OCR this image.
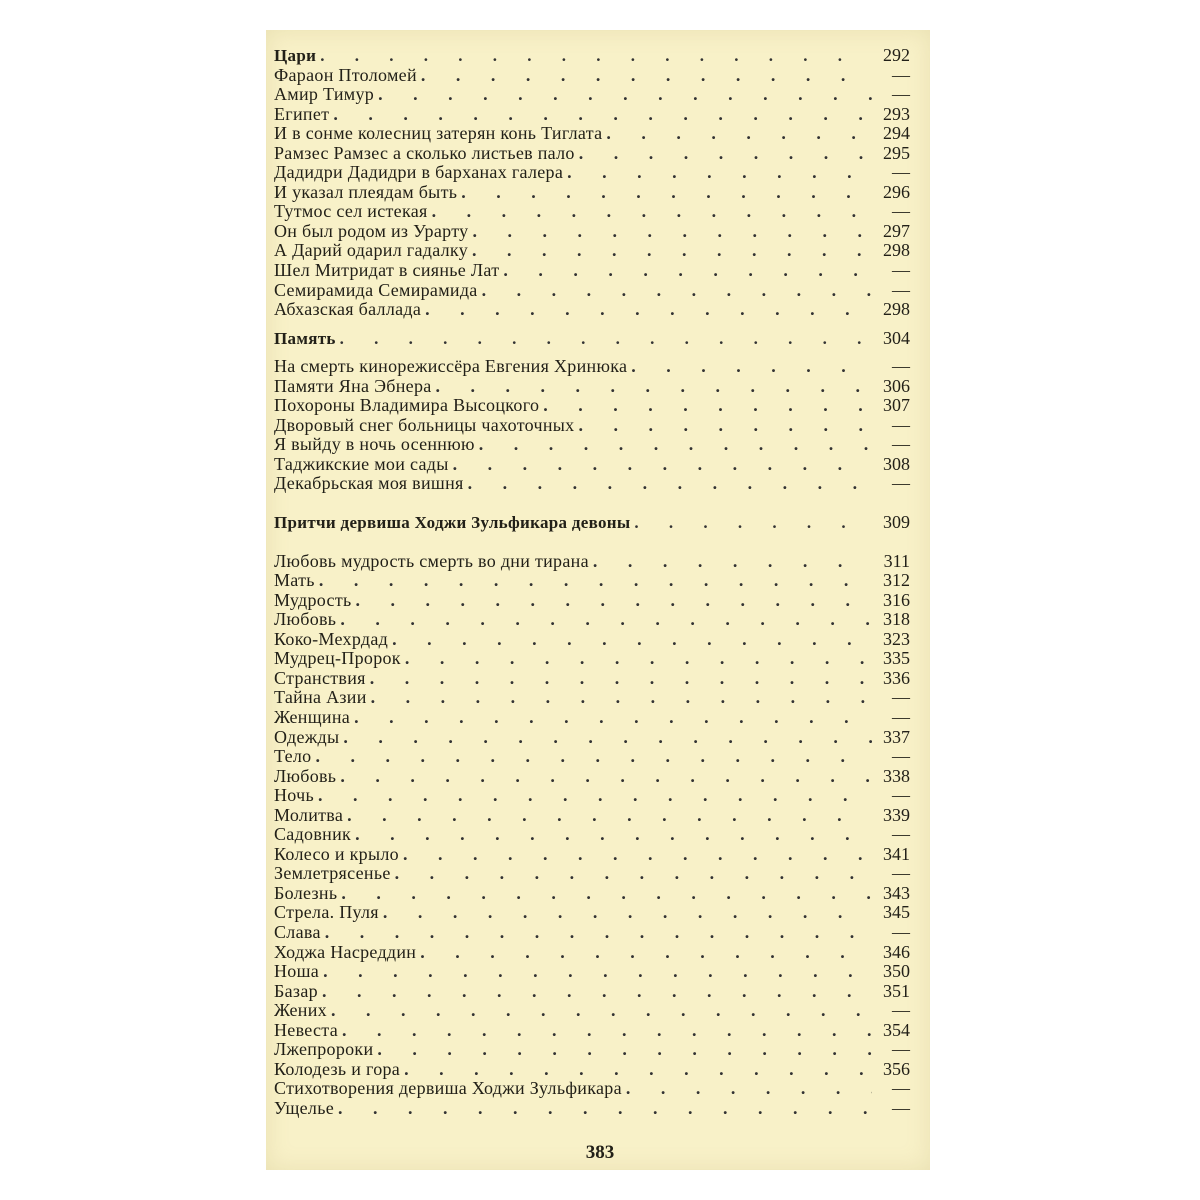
Цари . . .	292
Фараон Птоломей . . .	—
Амир Тимур . . .	—
Египет . . .	293
И в сонме колесниц затерян конь Тиглата . . .	294
Рамзес Рамзес а сколько листьев пало . . .	295
Дадидри Дадидри в барханах галера . . .	—
И указал плеядам быть . . .	296
Тутмос сел истекая . . .	—
Он был родом из Урарту . . .	297
А Дарий одарил гадалку . . .	298
Шел Митридат в сиянье Лат . . .	—
Семирамида Семирамида . . .	—
Абхазская баллада . . .	298
Память . . .	304
На смерть кинорежиссёра Евгения Хринюка . . .	—
Памяти Яна Эбнера . . .	306
Похороны Владимира Высоцкого . . .	307
Дворовый снег больницы чахоточных . . .	—
Я выйду в ночь осеннюю . . .	—
Таджикские мои сады . . .	308
Декабрьская моя вишня . . .	—
Притчи дервиша Ходжи Зульфикара девоны . . .	309
Любовь мудрость смерть во дни тирана . . .	311
Мать . . .	312
Мудрость . . .	316
Любовь . . .	318
Коко-Мехрдад . . .	323
Мудрец-Пророк . . .	335
Странствия . . .	336
Тайна Азии . . .	—
Женщина . . .	—
Одежды . . .	337
Тело . . .	—
Любовь . . .	338
Ночь . . .	—
Молитва . . .	339
Садовник . . .	—
Колесо и крыло . . .	341
Землетрясенье . . .	—
Болезнь . . .	343
Стрела. Пуля . . .	345
Слава . . .	—
Ходжа Насреддин . . .	346
Ноша . . .	350
Базар . . .	351
Жених . . .	—
Невеста . . .	354
Лжепророки . . .	—
Колодезь и гора . . .	356
Стихотворения дервиша Ходжи Зульфикара . . .	—
Ущелье . . .	—
383
